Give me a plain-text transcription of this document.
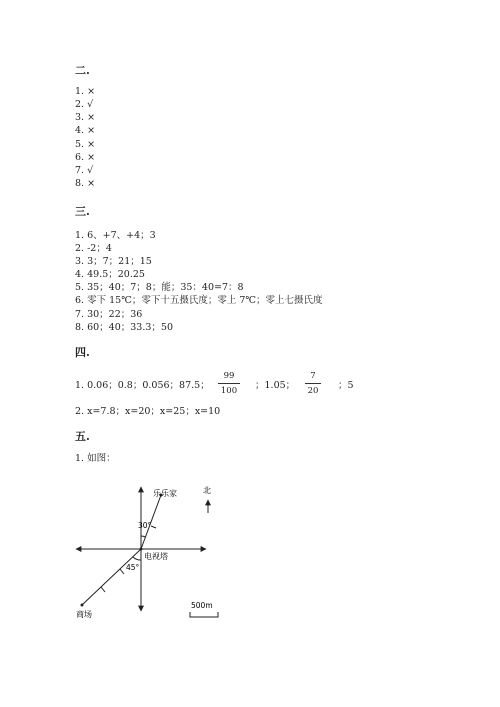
二.
1. ×
2. √
3. ×
4. ×
5. ×
6. ×
7. √
8. ×
三.
1. 6、+7、+4；3
2. -2；4
3. 3；7；21；15
4. 49.5；20.25
5. 35；40；7；8；能；35：40=7：8
6. 零下 15℃；零下十五摄氏度；零上 7℃；零上七摄氏度
7. 30；22；36
8. 60；40；33.3；50
四.
1. 0.06；0.8；0.056；87.5；
99
100	；1.05；
7
20 ；5
2. x=7.8；x=20；x=25；x=10
五.
1. 如图：
乐乐家	北
30°
电视塔
45°
商场
500m
